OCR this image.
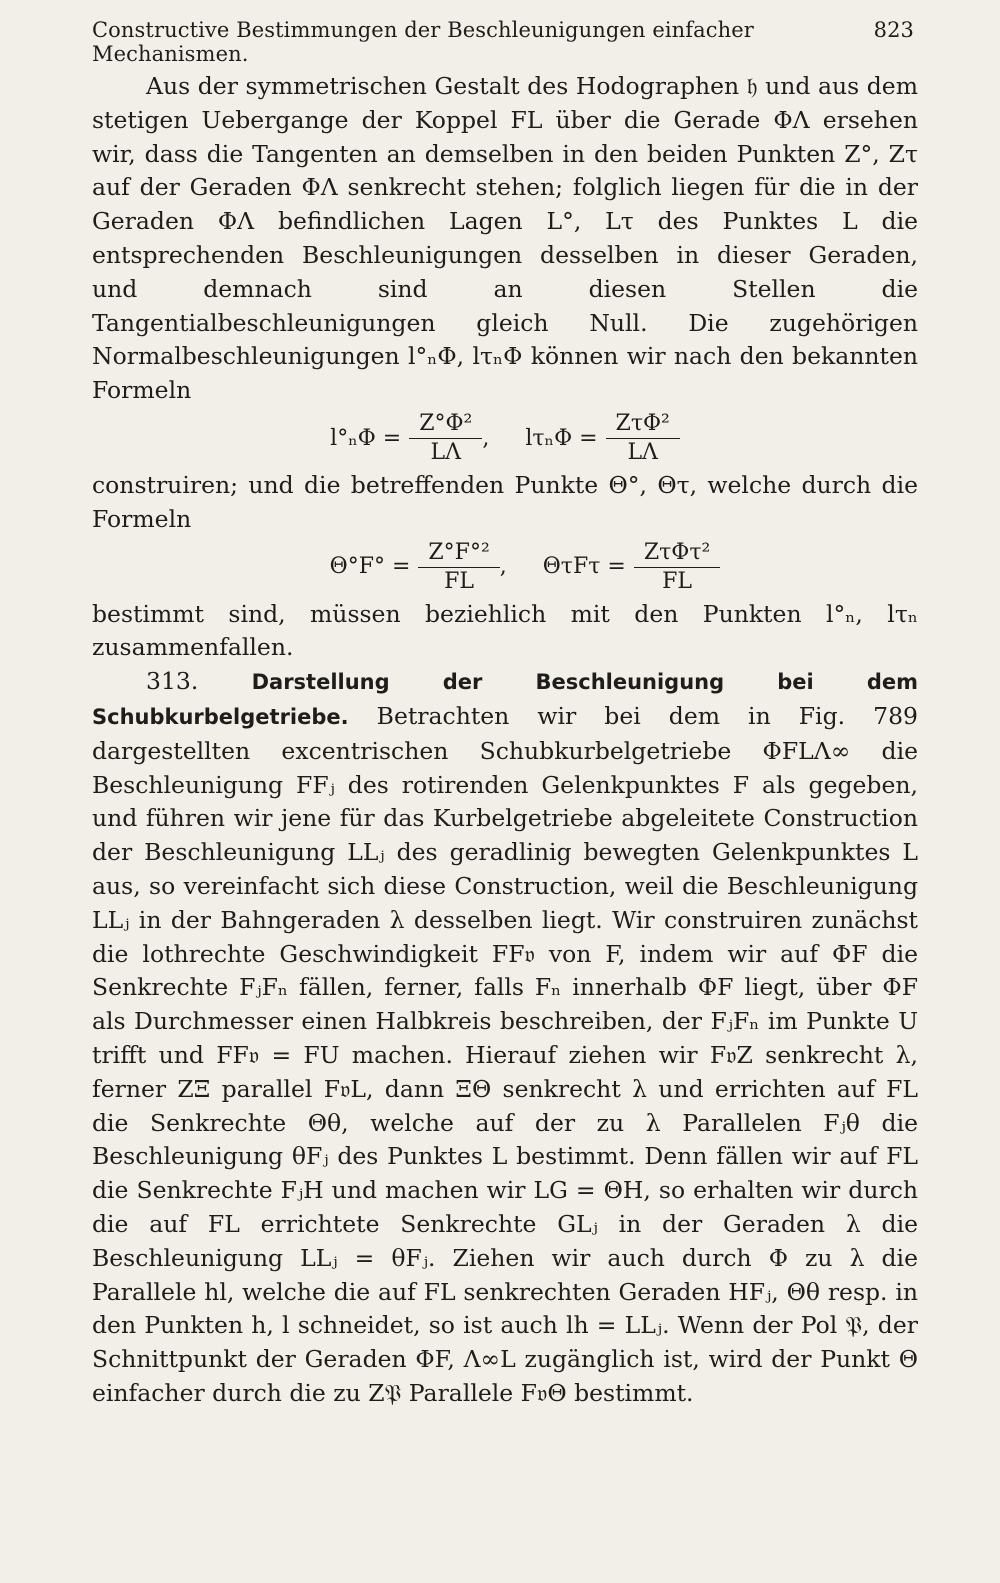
Constructive Bestimmungen der Beschleunigungen einfacher Mechanismen.
823

Aus der symmetrischen Gestalt des Hodographen 𝔥 und aus dem stetigen Uebergange der Koppel FL über die Gerade ΦΛ ersehen wir, dass die Tangenten an demselben in den beiden Punkten Z°, Zτ auf der Geraden ΦΛ senkrecht stehen; folglich liegen für die in der Geraden ΦΛ befindlichen Lagen L°, Lτ des Punktes L die entsprechenden Beschleunigungen desselben in dieser Geraden, und demnach sind an diesen Stellen die Tangentialbeschleunigungen gleich Null. Die zugehörigen Normalbeschleunigungen l°ₙΦ, lτₙΦ können wir nach den bekannten Formeln

$l^\circ_n\Phi = \frac{\text{Z°Φ²}}{L\Lambda}$ , $l\tau_n\Phi = \frac{\text{ZτΦ²}}{L\Lambda}$

construiren; und die betreffenden Punkte Θ°, Θτ, welche durch die Formeln

$\Theta^\circ F^\circ = \frac{\text{Z°F°²}}{FL}$ , $\Theta\tau F\tau = \frac{\text{ZτΦτ²}}{FL}$

bestimmt sind, müssen beziehlich mit den Punkten l°ₙ, lτₙ zusammenfallen.

313.	Darstellung der Beschleunigung bei dem Schubkurbelgetriebe. Betrachten wir bei dem in Fig. 789 dargestellten excentrischen Schubkurbelgetriebe ΦFLΛ∞ die Beschleunigung FFⱼ des rotirenden Gelenkpunktes F als gegeben, und führen wir jene für das Kurbelgetriebe abgeleitete Construction der Beschleunigung LLⱼ des geradlinig bewegten Gelenkpunktes L aus, so vereinfacht sich diese Construction, weil die Beschleunigung LLⱼ in der Bahngeraden λ desselben liegt. Wir construiren zunächst die lothrechte Geschwindigkeit FF𝔳 von F, indem wir auf ΦF die Senkrechte FⱼFₙ fällen, ferner, falls Fₙ innerhalb ΦF liegt, über ΦF als Durchmesser einen Halbkreis beschreiben, der FⱼFₙ im Punkte U trifft und FF𝔳 = FU machen. Hierauf ziehen wir F𝔳Z senkrecht λ, ferner ZΞ parallel F𝔳L, dann ΞΘ senkrecht λ und errichten auf FL die Senkrechte Θθ, welche auf der zu λ Parallelen Fⱼθ die Beschleunigung θFⱼ des Punktes L bestimmt. Denn fällen wir auf FL die Senkrechte FⱼH und machen wir LG = ΘH, so erhalten wir durch die auf FL errichtete Senkrechte GLⱼ in der Geraden λ die Beschleunigung LLⱼ = θFⱼ. Ziehen wir auch durch Φ zu λ die Parallele hl, welche die auf FL senkrechten Geraden HFⱼ, Θθ resp. in den Punkten h, l schneidet, so ist auch lh = LLⱼ. Wenn der Pol 𝔓, der Schnittpunkt der Geraden ΦF, Λ∞L zugänglich ist, wird der Punkt Θ einfacher durch die zu Z𝔓 Parallele F𝔳Θ bestimmt.
